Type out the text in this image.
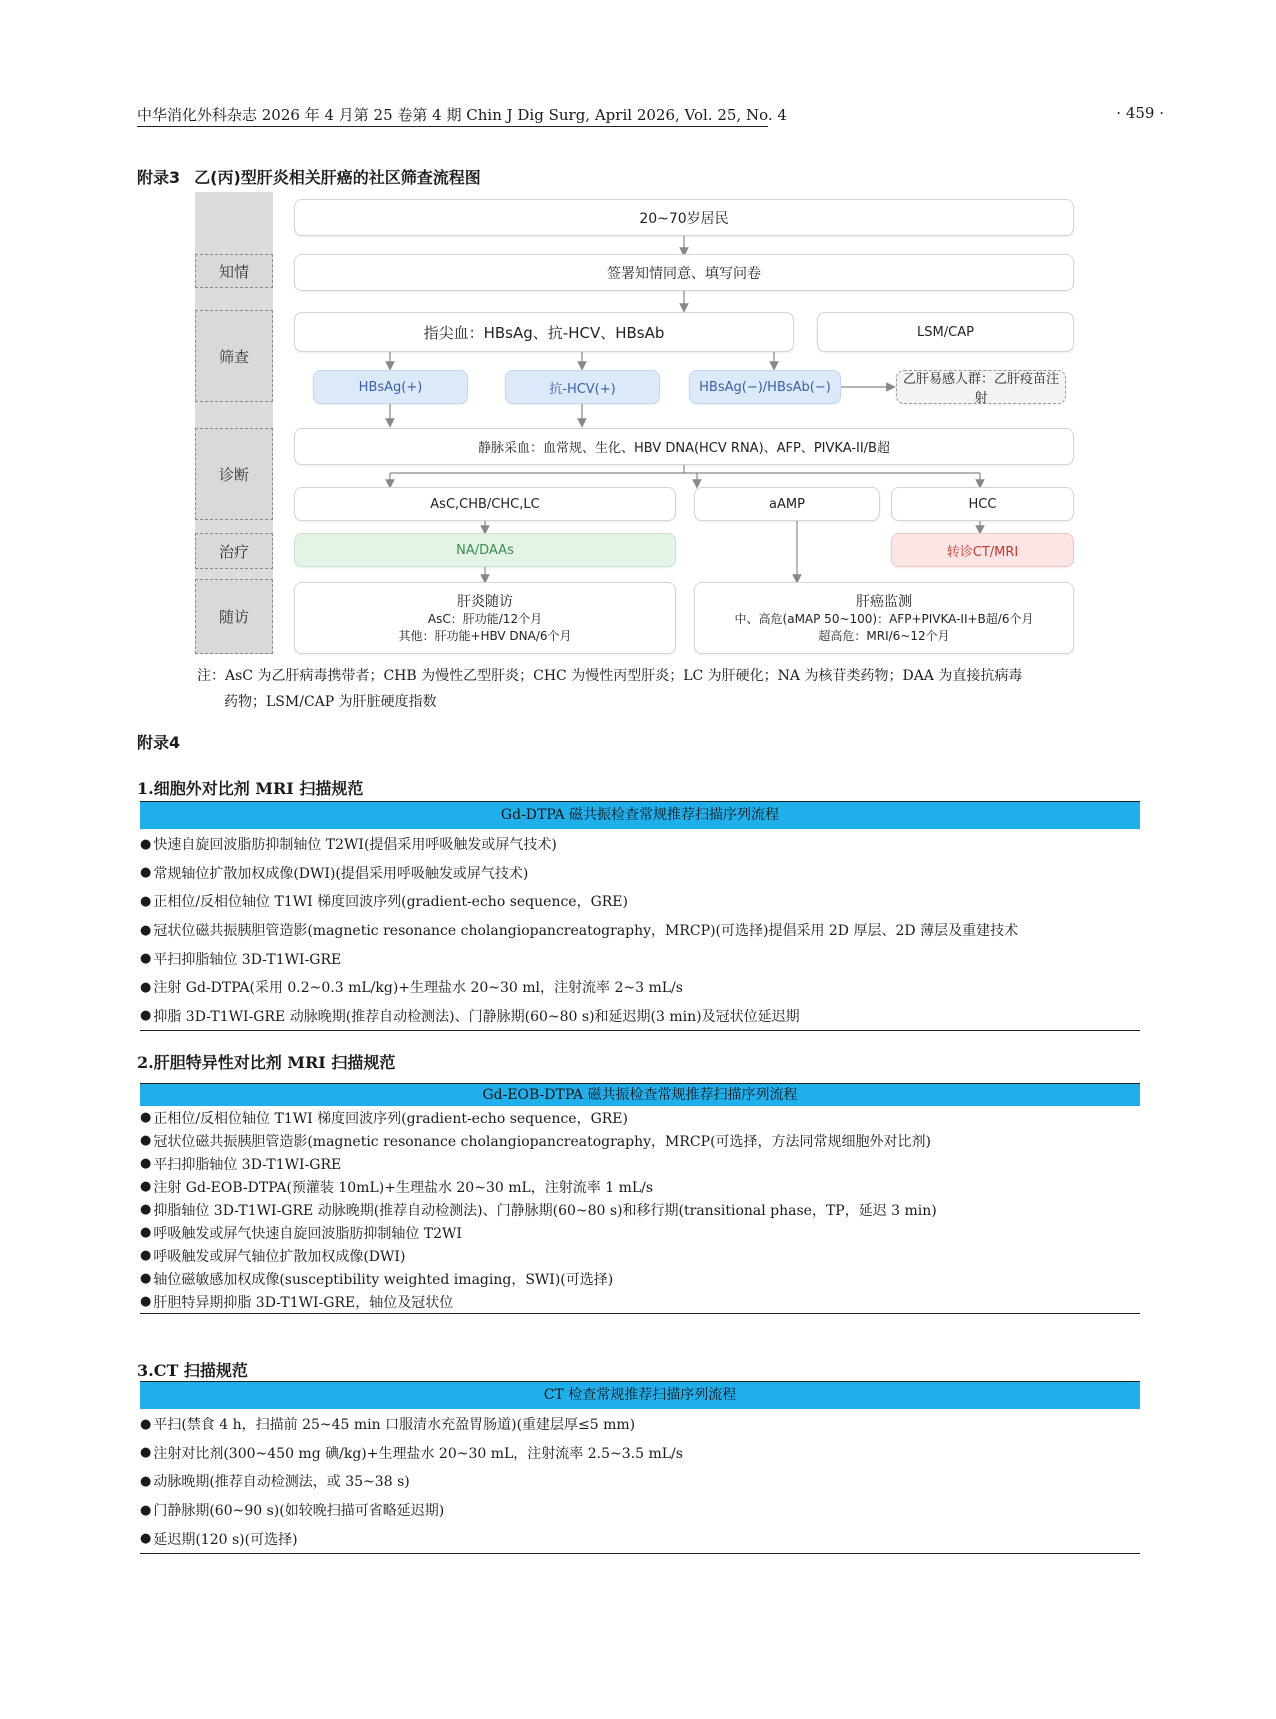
中华消化外科杂志 2026 年 4 月第 25 卷第 4 期 Chin J Dig Surg, April 2026, Vol. 25, No. 4	· 459 ·
附录3 乙(丙)型肝炎相关肝癌的社区筛查流程图
知情
筛查
诊断
治疗
随访
20~70岁居民
签署知情同意、填写问卷
指尖血：HBsAg、抗-HCV、HBsAb	LSM/CAP
HBsAg(+)	抗-HCV(+)	HBsAg(−)/HBsAb(−)	乙肝易感人群：乙肝疫苗注射
静脉采血：血常规、生化、HBV DNA(HCV RNA)、AFP、PIVKA-II/B超
AsC,CHB/CHC,LC	aAMP	HCC
NA/DAAs	转诊CT/MRI
肝炎随访
AsC：肝功能/12个月
其他：肝功能+HBV DNA/6个月
肝癌监测
中、高危(aMAP 50~100)：AFP+PIVKA-II+B超/6个月
超高危：MRI/6~12个月
注：AsC 为乙肝病毒携带者；CHB 为慢性乙型肝炎；CHC 为慢性丙型肝炎；LC 为肝硬化；NA 为核苷类药物；DAA 为直接抗病毒
药物；LSM/CAP 为肝脏硬度指数
附录4
1.细胞外对比剂 MRI 扫描规范
Gd-DTPA 磁共振检查常规推荐扫描序列流程
● 快速自旋回波脂肪抑制轴位 T2WI(提倡采用呼吸触发或屏气技术)
● 常规轴位扩散加权成像(DWI)(提倡采用呼吸触发或屏气技术)
● 正相位/反相位轴位 T1WI 梯度回波序列(gradient-echo sequence，GRE)
● 冠状位磁共振胰胆管造影(magnetic resonance cholangiopancreatography，MRCP)(可选择)提倡采用 2D 厚层、2D 薄层及重建技术
● 平扫抑脂轴位 3D-T1WI-GRE
● 注射 Gd-DTPA(采用 0.2~0.3 mL/kg)+生理盐水 20~30 ml，注射流率 2~3 mL/s
● 抑脂 3D-T1WI-GRE 动脉晚期(推荐自动检测法)、门静脉期(60~80 s)和延迟期(3 min)及冠状位延迟期
2.肝胆特异性对比剂 MRI 扫描规范
Gd-EOB-DTPA 磁共振检查常规推荐扫描序列流程
● 正相位/反相位轴位 T1WI 梯度回波序列(gradient-echo sequence，GRE)
● 冠状位磁共振胰胆管造影(magnetic resonance cholangiopancreatography，MRCP(可选择，方法同常规细胞外对比剂)
● 平扫抑脂轴位 3D-T1WI-GRE
● 注射 Gd-EOB-DTPA(预灌装 10mL)+生理盐水 20~30 mL，注射流率 1 mL/s
● 抑脂轴位 3D-T1WI-GRE 动脉晚期(推荐自动检测法)、门静脉期(60~80 s)和移行期(transitional phase，TP，延迟 3 min)
● 呼吸触发或屏气快速自旋回波脂肪抑制轴位 T2WI
● 呼吸触发或屏气轴位扩散加权成像(DWI)
● 轴位磁敏感加权成像(susceptibility weighted imaging，SWI)(可选择)
● 肝胆特异期抑脂 3D-T1WI-GRE，轴位及冠状位
3.CT 扫描规范
CT 检查常规推荐扫描序列流程
● 平扫(禁食 4 h，扫描前 25~45 min 口服清水充盈胃肠道)(重建层厚≤5 mm)
● 注射对比剂(300~450 mg 碘/kg)+生理盐水 20~30 mL，注射流率 2.5~3.5 mL/s
● 动脉晚期(推荐自动检测法，或 35~38 s)
● 门静脉期(60~90 s)(如较晚扫描可省略延迟期)
● 延迟期(120 s)(可选择)
